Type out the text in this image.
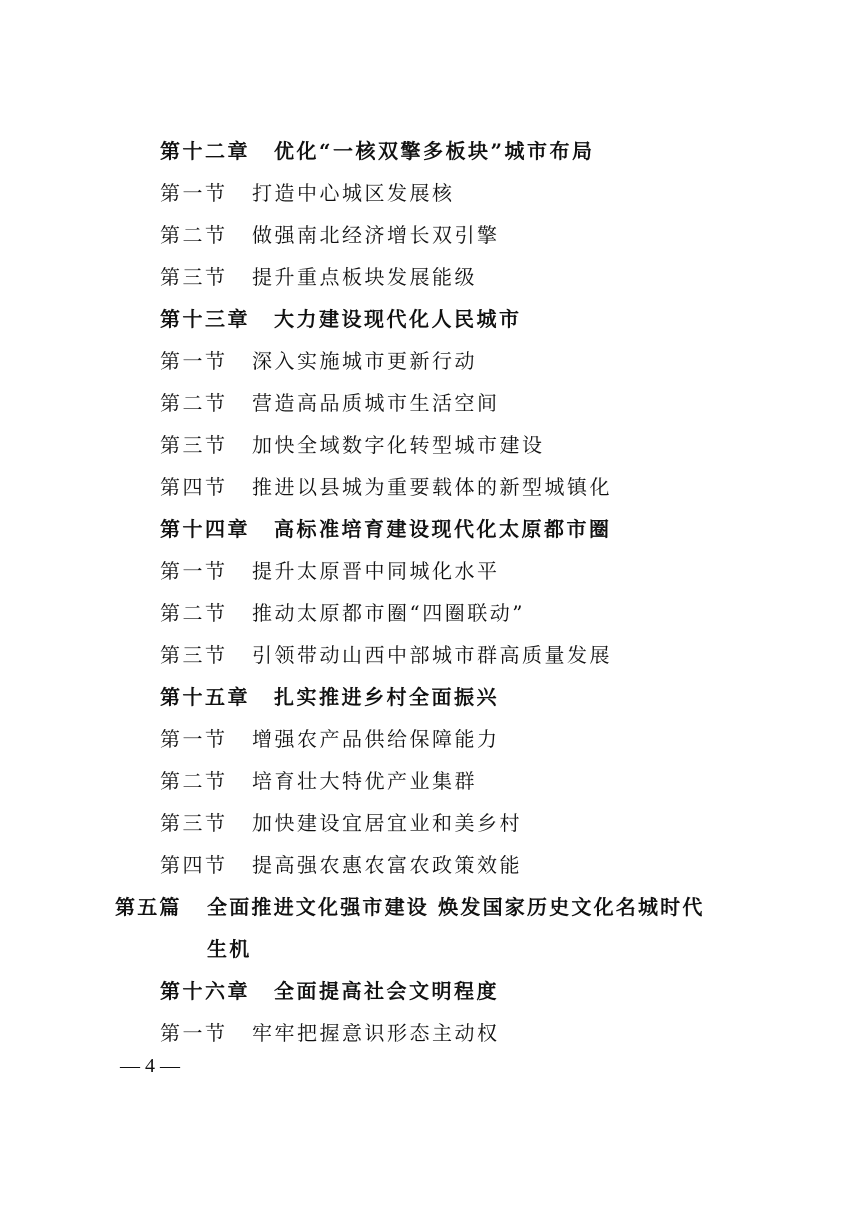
第十二章 优化“一核双擎多板块”城市布局
第一节 打造中心城区发展核
第二节 做强南北经济增长双引擎
第三节 提升重点板块发展能级
第十三章 大力建设现代化人民城市
第一节 深入实施城市更新行动
第二节 营造高品质城市生活空间
第三节 加快全域数字化转型城市建设
第四节 推进以县城为重要载体的新型城镇化
第十四章 高标准培育建设现代化太原都市圈
第一节 提升太原晋中同城化水平
第二节 推动太原都市圈“四圈联动”
第三节 引领带动山西中部城市群高质量发展
第十五章 扎实推进乡村全面振兴
第一节 增强农产品供给保障能力
第二节 培育壮大特优产业集群
第三节 加快建设宜居宜业和美乡村
第四节 提高强农惠农富农政策效能
第五篇 全面推进文化强市建设 焕发国家历史文化名城时代
生机
第十六章 全面提高社会文明程度
第一节 牢牢把握意识形态主动权
— 4 —
